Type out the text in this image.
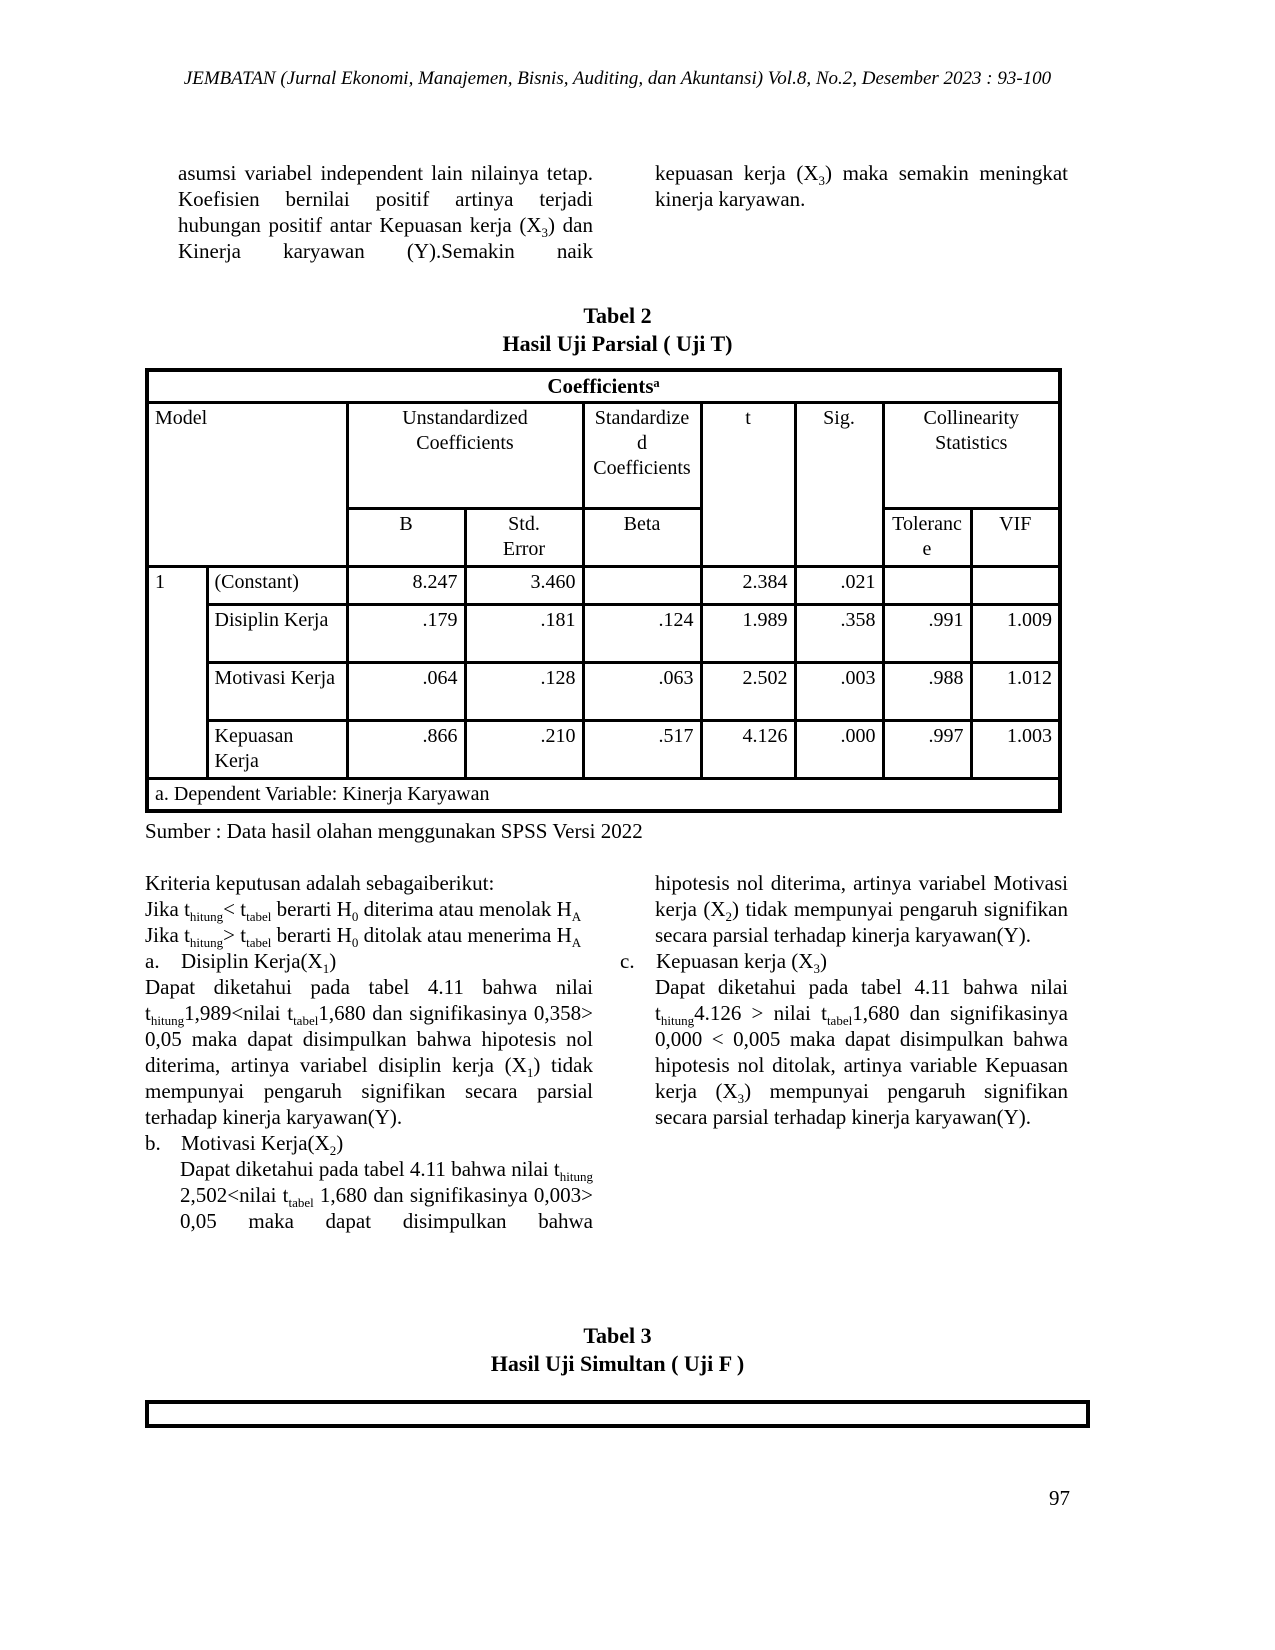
JEMBATAN (Jurnal Ekonomi, Manajemen, Bisnis, Auditing, dan Akuntansi) Vol.8, No.2, Desember 2023 : 93-100

asumsi variabel independent lain nilainya tetap. Koefisien bernilai positif artinya terjadi hubungan positif antar Kepuasan kerja $(X_3)$ dan Kinerja karyawan (Y).Semakin naik

kepuasan kerja $(X_3)$ maka semakin meningkat kinerja karyawan.

Tabel 2
Hasil Uji Parsial ( Uji T)
Coefficientsᵃ								
Model		Unstandardized Coefficients		Standardized Coefficients	t	Sig.	Collinearity Statistics	
		B	Std. Error	Beta			Tolerance	VIF
1	(Constant)	8.247	3.460		2.384	.021		
	Disiplin Kerja	.179	.181	.124	1.989	.358	.991	1.009
	Motivasi Kerja	.064	.128	.063	2.502	.003	.988	1.012
	Kepuasan Kerja	.866	.210	.517	4.126	.000	.997	1.003
a. Dependent Variable: Kinerja Karyawan								
Sumber : Data hasil olahan menggunakan SPSS Versi 2022

Kriteria keputusan adalah sebagaiberikut:

Jika $t_{hitung}< t_{tabel}$ berarti $H_0$ diterima atau menolak $H_A$

Jika $t_{hitung}> t_{tabel}$ berarti $H_0$ ditolak atau menerima $H_A$

a.	Disiplin $Kerja(X_1)$

Dapat diketahui pada tabel 4.11 bahwa nilai $t_{hitung}1,989<nilai$ $t_{tabel}1,680$ dan signifikasinya 0,358> 0,05 maka dapat disimpulkan bahwa hipotesis nol diterima, artinya variabel disiplin kerja $(X_1)$ tidak mempunyai pengaruh signifikan secara parsial terhadap kinerja karyawan(Y).

b. Motivasi $Kerja(X_2)$

Dapat diketahui pada tabel 4.11 bahwa nilai $t_{hitung}$ 2,502<nilai $t_{tabel}$ 1,680 dan signifikasinya 0,003> 0,05 maka dapat disimpulkan bahwa

hipotesis nol diterima, artinya variabel Motivasi kerja $(X_2)$ tidak mempunyai pengaruh signifikan secara parsial terhadap kinerja karyawan(Y).

c.	Kepuasan kerja $(X_3)$

Dapat diketahui pada tabel 4.11 bahwa nilai $t_{hitung}4.126$ > nilai $t_{tabel}1,680$ dan signifikasinya 0,000 < 0,005 maka dapat disimpulkan bahwa hipotesis nol ditolak, artinya variable Kepuasan kerja $(X_3)$ mempunyai pengaruh signifikan secara parsial terhadap kinerja karyawan(Y).

Tabel 3
Hasil Uji Simultan ( Uji F )
97
